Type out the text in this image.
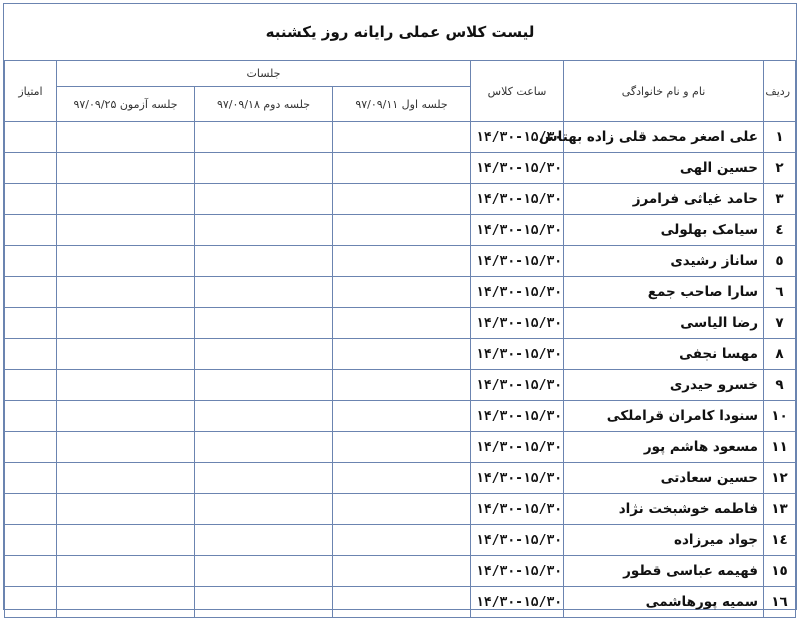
لیست کلاس عملی رایانه روز یکشنبه
ردیف	نام و نام خانوادگی	ساعت کلاس	جلسات			امتیاز
			جلسه اول ۹۷/۰۹/۱۱	جلسه دوم ۹۷/۰۹/۱۸	جلسه آزمون ۹۷/۰۹/۲۵	
۱	علی اصغر محمد قلی زاده بهتاش	۱۴/۳۰-۱۵/۳۰				
۲	حسین الهی	۱۴/۳۰-۱۵/۳۰				
۳	حامد غیاثی فرامرز	۱۴/۳۰-۱۵/۳۰				
٤	سیامک بهلولی	۱۴/۳۰-۱۵/۳۰				
٥	ساناز رشیدی	۱۴/۳۰-۱۵/۳۰				
٦	سارا صاحب جمع	۱۴/۳۰-۱۵/۳۰				
۷	رضا الیاسی	۱۴/۳۰-۱۵/۳۰				
۸	مهسا نجفی	۱۴/۳۰-۱۵/۳۰				
۹	خسرو حیدری	۱۴/۳۰-۱۵/۳۰				
۱۰	سنودا کامران قراملکی	۱۴/۳۰-۱۵/۳۰				
۱۱	مسعود هاشم پور	۱۴/۳۰-۱۵/۳۰				
۱۲	حسین سعادتی	۱۴/۳۰-۱۵/۳۰				
۱۳	فاطمه خوشبخت نژاد	۱۴/۳۰-۱۵/۳۰				
۱٤	جواد میرزاده	۱۴/۳۰-۱۵/۳۰				
۱٥	فهیمه عباسی قطور	۱۴/۳۰-۱۵/۳۰				
۱٦	سمیه پورهاشمی	۱۴/۳۰-۱۵/۳۰				
